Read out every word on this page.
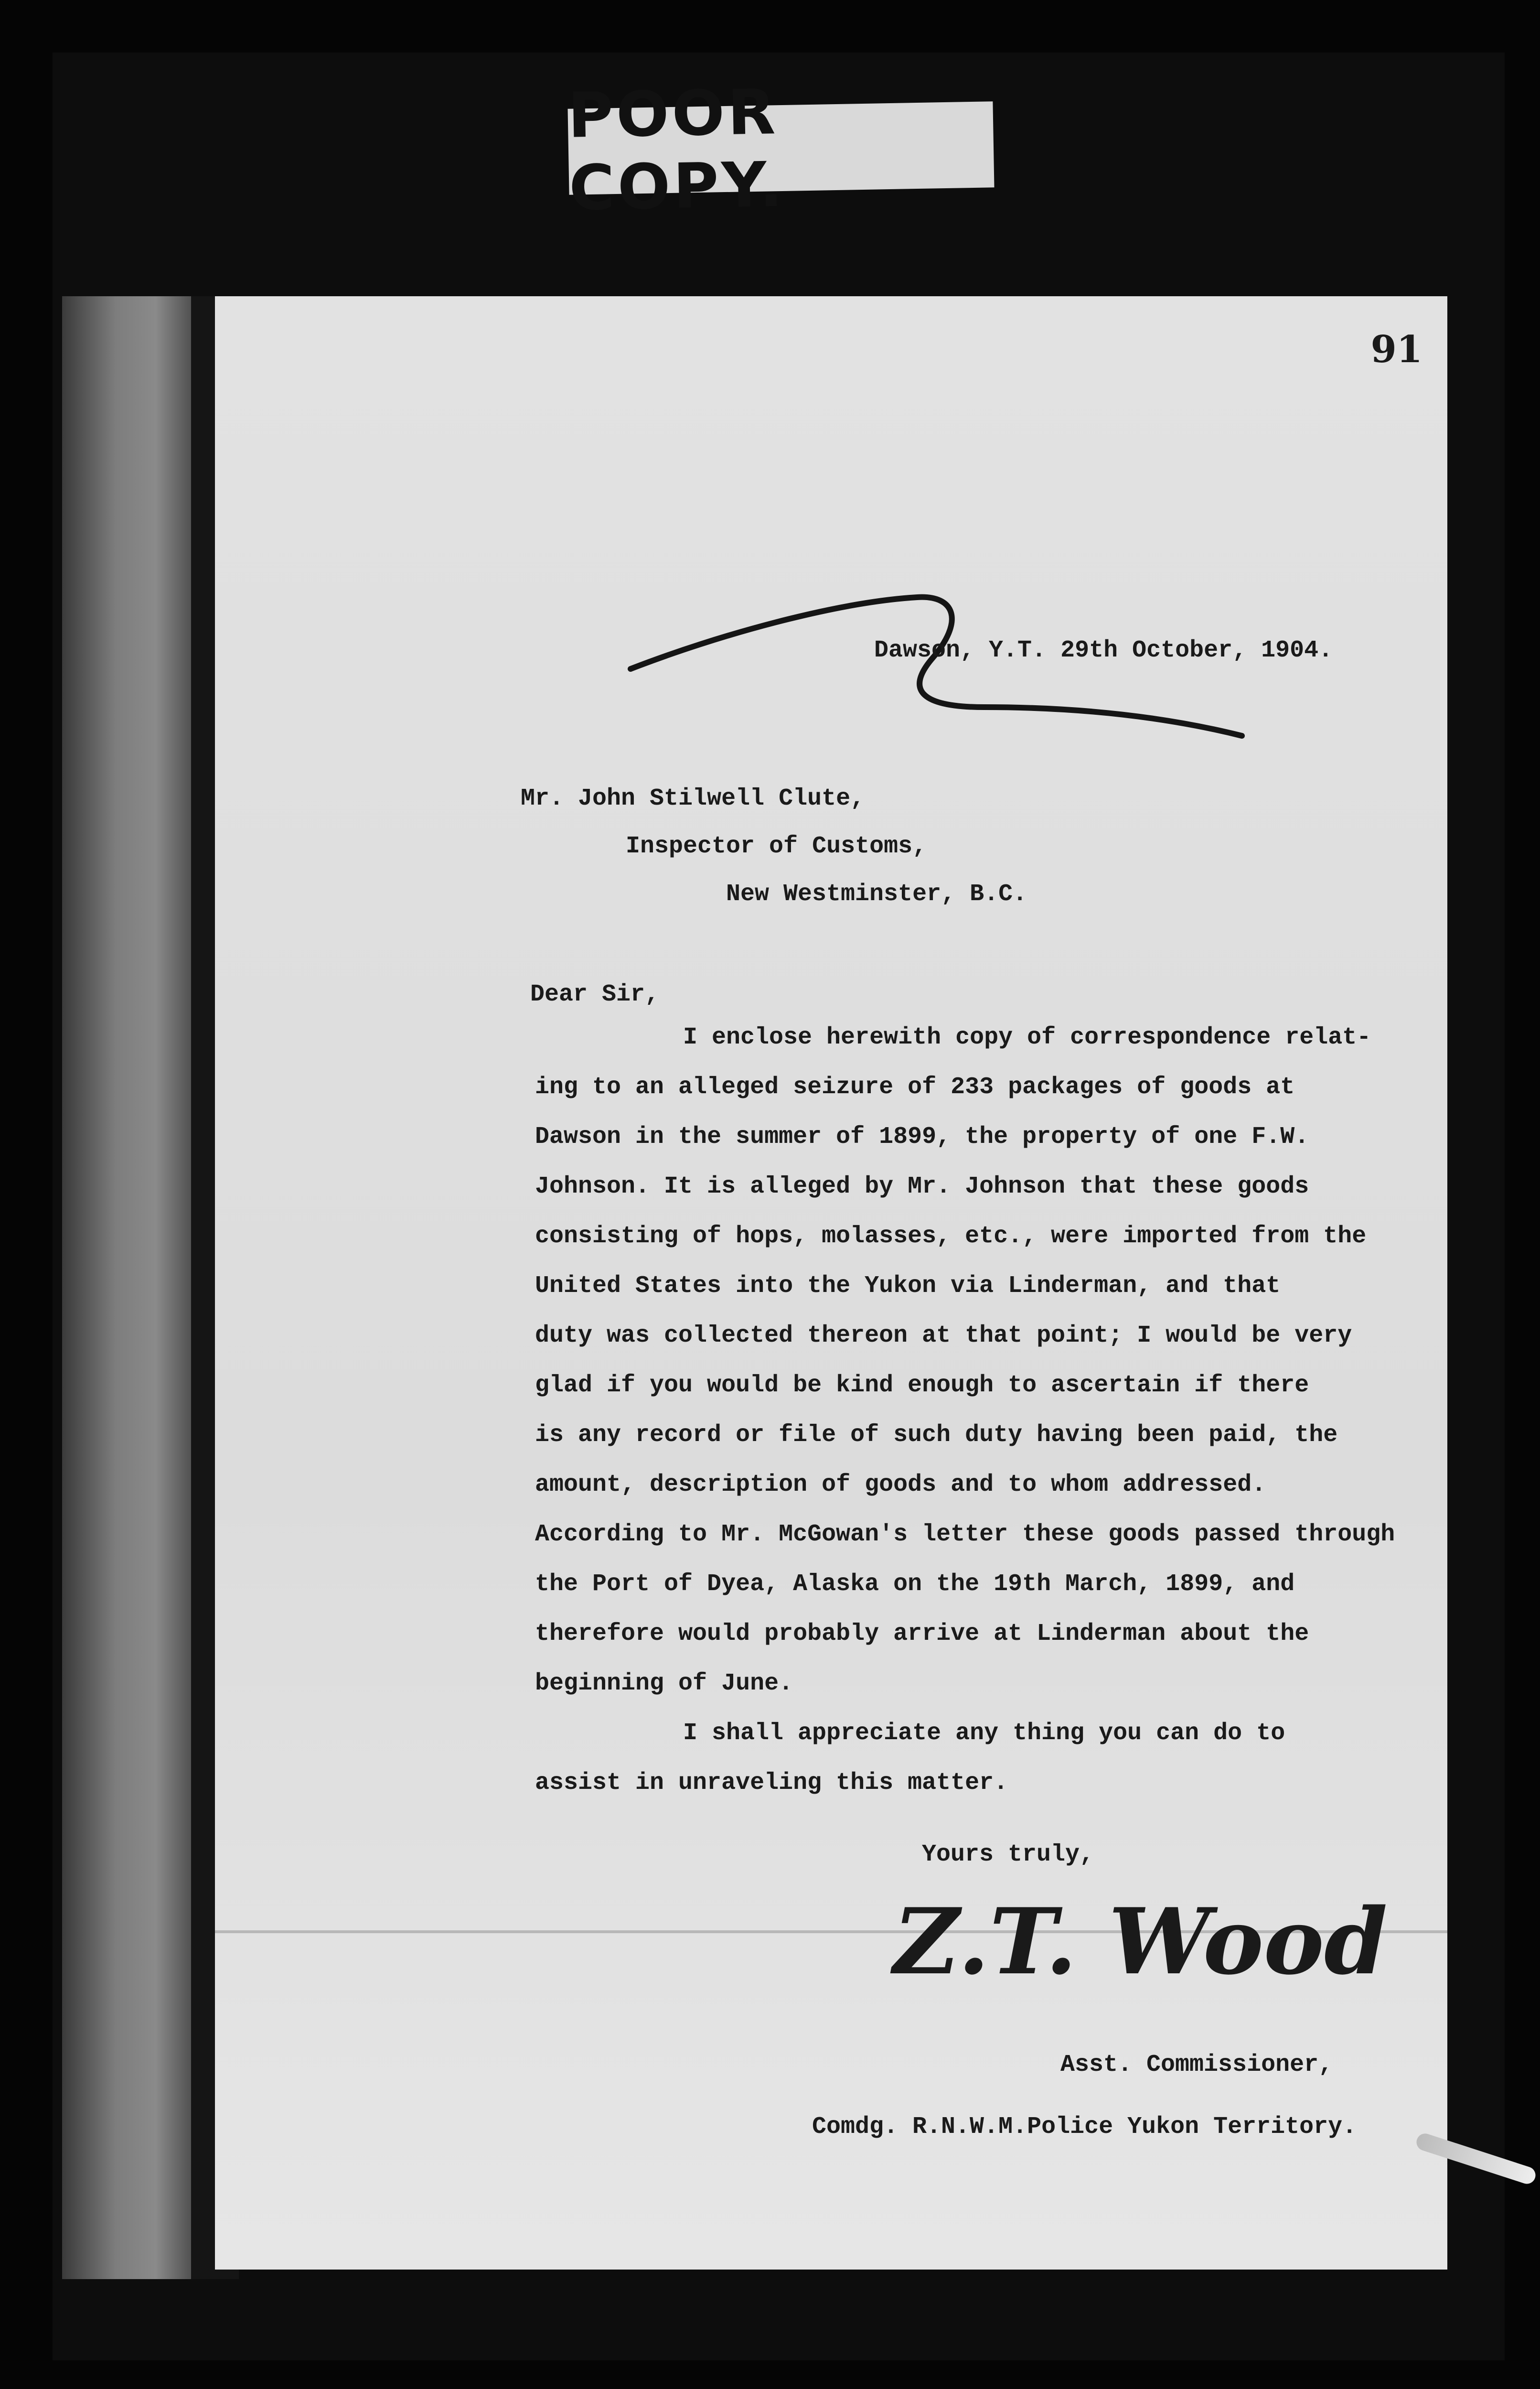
POOR COPY.
91
Dawson, Y.T. 29th October, 1904.
Mr. John Stilwell Clute,
Inspector of Customs,
New Westminster, B.C.
Dear Sir,
I enclose herewith copy of correspondence relat-
ing to an alleged seizure of 233 packages of goods at
Dawson in the summer of 1899, the property of one F.W.
Johnson. It is alleged by Mr. Johnson that these goods
consisting of hops, molasses, etc., were imported from the
United States into the Yukon via Linderman, and that
duty was collected thereon at that point; I would be very
glad if you would be kind enough to ascertain if there
is any record or file of such duty having been paid, the
amount, description of goods and to whom addressed.
According to Mr. McGowan's letter these goods passed through
the Port of Dyea, Alaska on the 19th March, 1899, and
therefore would probably arrive at Linderman about the
beginning of June.
I shall appreciate any thing you can do to
assist in unraveling this matter.
Yours truly,
Z.T. Wood
Asst. Commissioner,
Comdg. R.N.W.M.Police Yukon Territory.
